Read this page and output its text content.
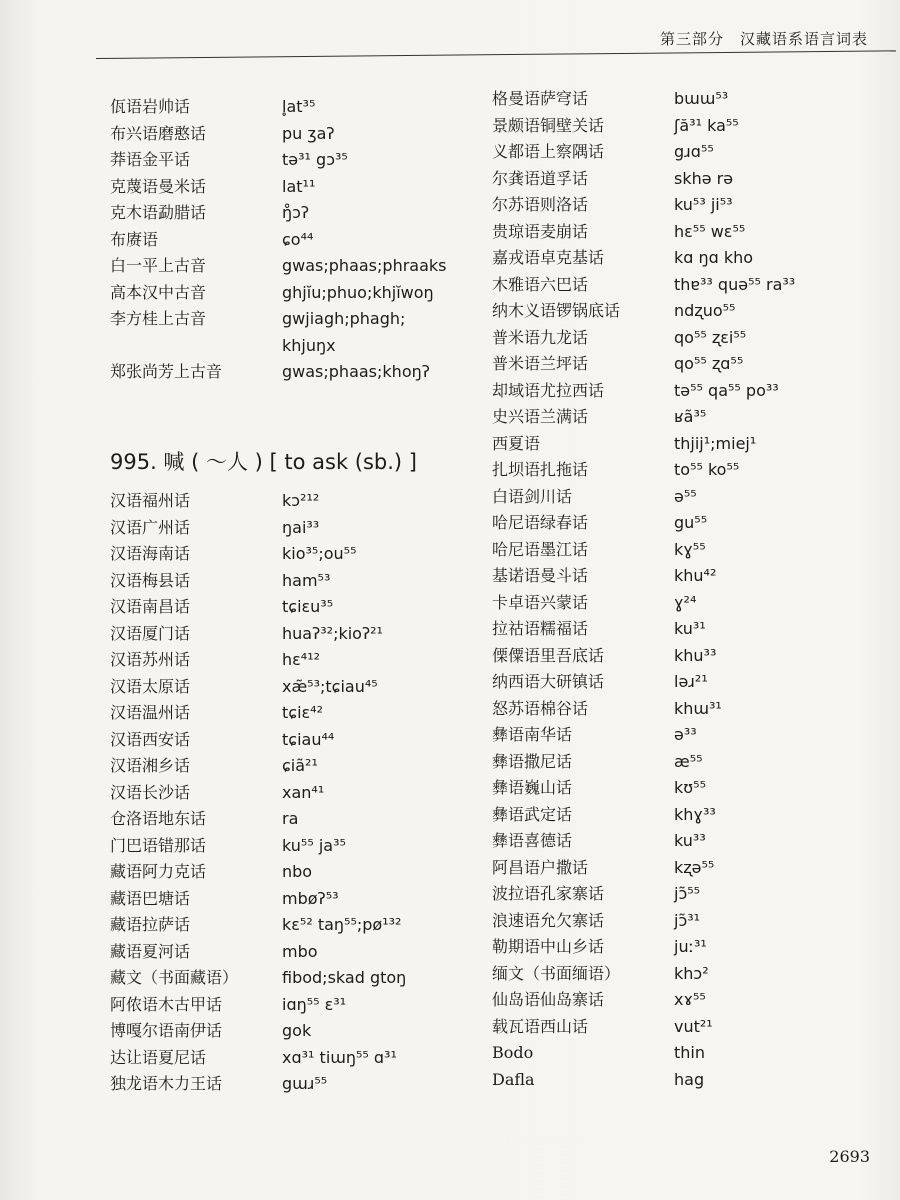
第三部分　汉藏语系语言词表
佤语岩帅话	l̥at³⁵
布兴语磨憨话	pu ʒaʔ
莽语金平话	tə³¹ gɔ³⁵
克蔑语曼米话	lat¹¹
克木语勐腊话	ŋ̊ɔʔ
布赓语	ɕo⁴⁴
白一平上古音	gwas;phaas;phraaks
高本汉中古音	ghjĭu;phuo;khjĭwoŋ
李方桂上古音	gwjiagh;phagh;
khjuŋx
郑张尚芳上古音	gwas;phaas;khoŋʔ
995. 喊 ( ～人 ) [ to ask (sb.) ]
汉语福州话	kɔ²¹²
汉语广州话	ŋai³³
汉语海南话	kio³⁵;ou⁵⁵
汉语梅县话	ham⁵³
汉语南昌话	tɕiɛu³⁵
汉语厦门话	huaʔ³²;kioʔ²¹
汉语苏州话	hɛ⁴¹²
汉语太原话	xæ̃⁵³;tɕiau⁴⁵
汉语温州话	tɕiɛ⁴²
汉语西安话	tɕiau⁴⁴
汉语湘乡话	ɕiã²¹
汉语长沙话	xan⁴¹
仓洛语地东话	ra
门巴语错那话	ku⁵⁵ ja³⁵
藏语阿力克话	nbo
藏语巴塘话	mbøʔ⁵³
藏语拉萨话	kɛ⁵² taŋ⁵⁵;pø¹³²
藏语夏河话	mbo
藏文（书面藏语）	fibod;skad gtoŋ
阿侬语木古甲话	iɑŋ⁵⁵ ɛ³¹
博嘎尔语南伊话	gok
达让语夏尼话	xɑ³¹ tiɯŋ⁵⁵ ɑ³¹
独龙语木力王话	gɯɹ⁵⁵
格曼语萨穹话	bɯɯ⁵³
景颇语铜壁关话	ʃă³¹ ka⁵⁵
义都语上察隅话	gɹɑ⁵⁵
尔龚语道孚话	skhə rə
尔苏语则洛话	ku⁵³ ji⁵³
贵琼语麦崩话	hɛ⁵⁵ wɛ⁵⁵
嘉戎语卓克基话	kɑ ŋɑ kho
木雅语六巴话	thɐ³³ quə⁵⁵ ra³³
纳木义语锣锅底话	ndʐuo⁵⁵
普米语九龙话	qo⁵⁵ ʐɛi⁵⁵
普米语兰坪话	qo⁵⁵ ʐɑ⁵⁵
却域语尤拉西话	tə⁵⁵ qa⁵⁵ po³³
史兴语兰满话	ʁã³⁵
西夏语	thjij¹;miej¹
扎坝语扎拖话	to⁵⁵ ko⁵⁵
白语剑川话	ə⁵⁵
哈尼语绿春话	gu⁵⁵
哈尼语墨江话	kɣ⁵⁵
基诺语曼斗话	khu⁴²
卡卓语兴蒙话	ɣ²⁴
拉祜语糯福话	ku³¹
傈僳语里吾底话	khu³³
纳西语大研镇话	ləɹ²¹
怒苏语棉谷话	khɯ³¹
彝语南华话	ə³³
彝语撒尼话	æ⁵⁵
彝语巍山话	kʊ⁵⁵
彝语武定话	khɣ³³
彝语喜德话	ku³³
阿昌语户撒话	kʐə⁵⁵
波拉语孔家寨话	jɔ̃⁵⁵
浪速语允欠寨话	jɔ̃³¹
勒期语中山乡话	juː³¹
缅文（书面缅语）	khɔ²
仙岛语仙岛寨话	xɤ⁵⁵
载瓦语西山话	vut²¹
Bodo	thin
Dafla	hag
2693
